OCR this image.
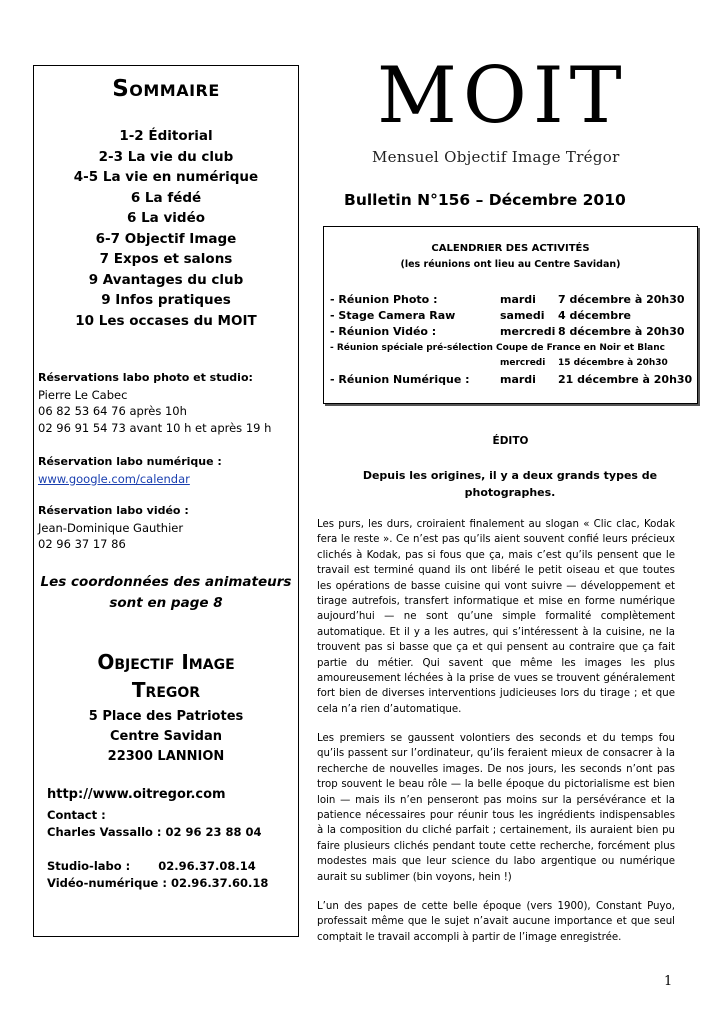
Sommaire
1-2 Éditorial
2-3 La vie du club
4-5 La vie en numérique
6 La fédé
6 La vidéo
6-7 Objectif Image
7 Expos et salons
9 Avantages du club
9 Infos pratiques
10 Les occases du MOIT
Réservations labo photo et studio:
Pierre Le Cabec
06 82 53 64 76 après 10h
02 96 91 54 73 avant 10 h et après 19 h
Réservation labo numérique :
www.google.com/calendar
Réservation labo vidéo :
Jean-Dominique Gauthier
02 96 37 17 86
Les coordonnées des animateurs
sont en page 8
Objectif Image
Tregor
5 Place des Patriotes
Centre Savidan
22300 LANNION
http://www.oitregor.com
Contact :
Charles Vassallo : 02 96 23 88 04
Studio-labo :       02.96.37.08.14
Vidéo-numérique : 02.96.37.60.18
MOIT
Mensuel Objectif Image Trégor
Bulletin N°156 – Décembre 2010
CALENDRIER DES ACTIVITÉS
(les réunions ont lieu au Centre Savidan)
- Réunion Photo :	mardi 7 décembre à 20h30
- Stage Camera Raw	samedi 4 décembre
- Réunion Vidéo :	mercredi 8 décembre à 20h30
- Réunion spéciale pré-sélection Coupe de France en Noir et Blanc
mercredi 15 décembre à 20h30
- Réunion Numérique :	mardi 21 décembre à 20h30
ÉDITO
Depuis les origines, il y a deux grands types de photographes.
Les purs, les durs, croiraient finalement au slogan « Clic clac, Kodak fera le reste ». Ce n’est pas qu’ils aient souvent confié leurs précieux clichés à Kodak, pas si fous que ça, mais c’est qu’ils pensent que le travail est terminé quand ils ont libéré le petit oiseau et que toutes les opérations de basse cuisine qui vont suivre — développement et tirage autrefois, transfert informatique et mise en forme numérique aujourd’hui — ne sont qu’une simple formalité complètement automatique. Et il y a les autres, qui s’intéressent à la cuisine, ne la trouvent pas si basse que ça et qui pensent au contraire que ça fait partie du métier. Qui savent que même les images les plus amoureusement léchées à la prise de vues se trouvent généralement fort bien de diverses interventions judicieuses lors du tirage ; et que cela n’a rien d’automatique.
Les premiers se gaussent volontiers des seconds et du temps fou qu’ils passent sur l’ordinateur, qu’ils feraient mieux de consacrer à la recherche de nouvelles images. De nos jours, les seconds n’ont pas trop souvent le beau rôle — la belle époque du pictorialisme est bien loin — mais ils n’en penseront pas moins sur la persévérance et la patience nécessaires pour réunir tous les ingrédients indispensables à la composition du cliché parfait ; certainement, ils auraient bien pu faire plusieurs clichés pendant toute cette recherche, forcément plus modestes mais que leur science du labo argentique ou numérique aurait su sublimer (bin voyons, hein !)
L’un des papes de cette belle époque (vers 1900), Constant Puyo, professait même que le sujet n’avait aucune importance et que seul comptait le travail accompli à partir de l’image enregistrée.
1
